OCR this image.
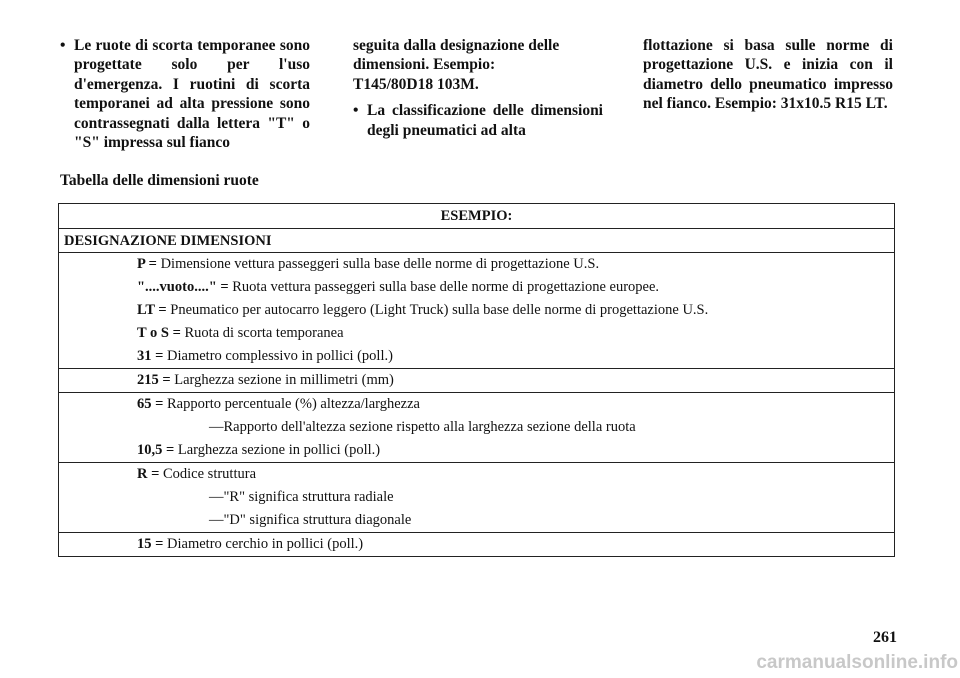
• Le ruote di scorta temporanee sono progettate solo per l'uso d'emergenza. I ruotini di scorta temporanei ad alta pressione sono contrassegnati dalla lettera "T" o "S" impressa sul fianco

seguita dalla designazione delle dimensioni. Esempio:
T145/80D18 103M.

• La classificazione delle dimensioni degli pneumatici ad alta

flottazione si basa sulle norme di progettazione U.S. e inizia con il diametro dello pneumatico impresso nel fianco. Esempio: 31x10.5 R15 LT.

Tabella delle dimensioni ruote
ESEMPIO:
DESIGNAZIONE DIMENSIONI
P = Dimensione vettura passeggeri sulla base delle norme di progettazione U.S.
"....vuoto...." = Ruota vettura passeggeri sulla base delle norme di progettazione europee.
LT = Pneumatico per autocarro leggero (Light Truck) sulla base delle norme di progettazione U.S.
T o S = Ruota di scorta temporanea
31 = Diametro complessivo in pollici (poll.)
215 = Larghezza sezione in millimetri (mm)
65 = Rapporto percentuale (%) altezza/larghezza
—Rapporto dell'altezza sezione rispetto alla larghezza sezione della ruota
10,5 = Larghezza sezione in pollici (poll.)
R = Codice struttura
—"R" significa struttura radiale
—"D" significa struttura diagonale
15 = Diametro cerchio in pollici (poll.)
261
carmanualsonline.info
